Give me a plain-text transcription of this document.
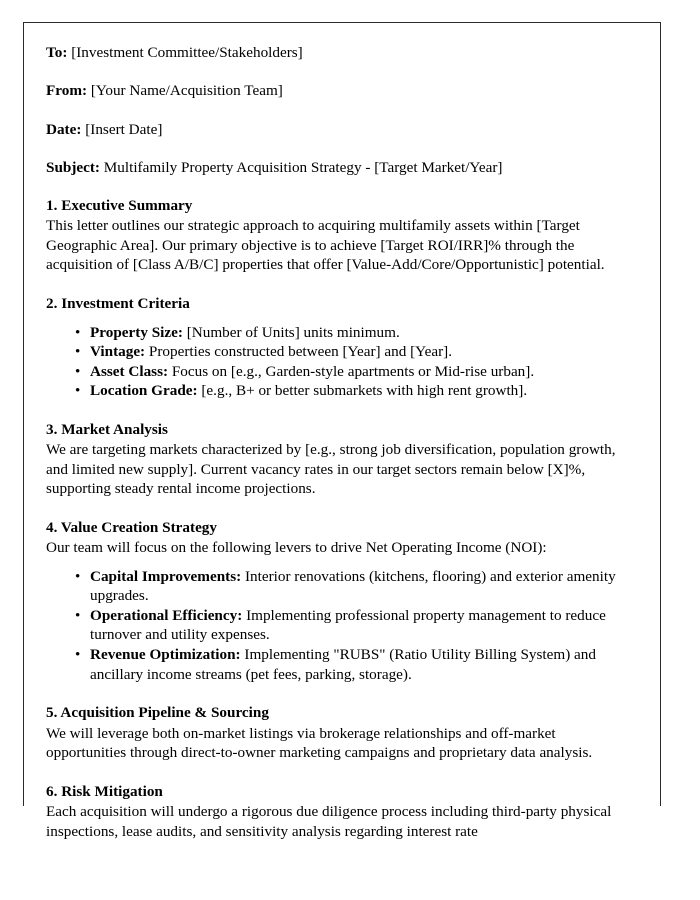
To: [Investment Committee/Stakeholders]

From: [Your Name/Acquisition Team]

Date: [Insert Date]

Subject: Multifamily Property Acquisition Strategy - [Target Market/Year]

1. Executive Summary

This letter outlines our strategic approach to acquiring multifamily assets within [Target Geographic Area]. Our primary objective is to achieve [Target ROI/IRR]% through the acquisition of [Class A/B/C] properties that offer [Value-Add/Core/Opportunistic] potential.

2. Investment Criteria
• Property Size: [Number of Units] units minimum.
• Vintage: Properties constructed between [Year] and [Year].
• Asset Class: Focus on [e.g., Garden-style apartments or Mid-rise urban].
• Location Grade: [e.g., B+ or better submarkets with high rent growth].
3. Market Analysis

We are targeting markets characterized by [e.g., strong job diversification, population growth, and limited new supply]. Current vacancy rates in our target sectors remain below [X]%, supporting steady rental income projections.

4. Value Creation Strategy

Our team will focus on the following levers to drive Net Operating Income (NOI):

• Capital Improvements: Interior renovations (kitchens, flooring) and exterior amenity upgrades.
• Operational Efficiency: Implementing professional property management to reduce turnover and utility expenses.
• Revenue Optimization: Implementing "RUBS" (Ratio Utility Billing System) and ancillary income streams (pet fees, parking, storage).
5. Acquisition Pipeline & Sourcing

We will leverage both on-market listings via brokerage relationships and off-market opportunities through direct-to-owner marketing campaigns and proprietary data analysis.

6. Risk Mitigation

Each acquisition will undergo a rigorous due diligence process including third-party physical inspections, lease audits, and sensitivity analysis regarding interest rate
